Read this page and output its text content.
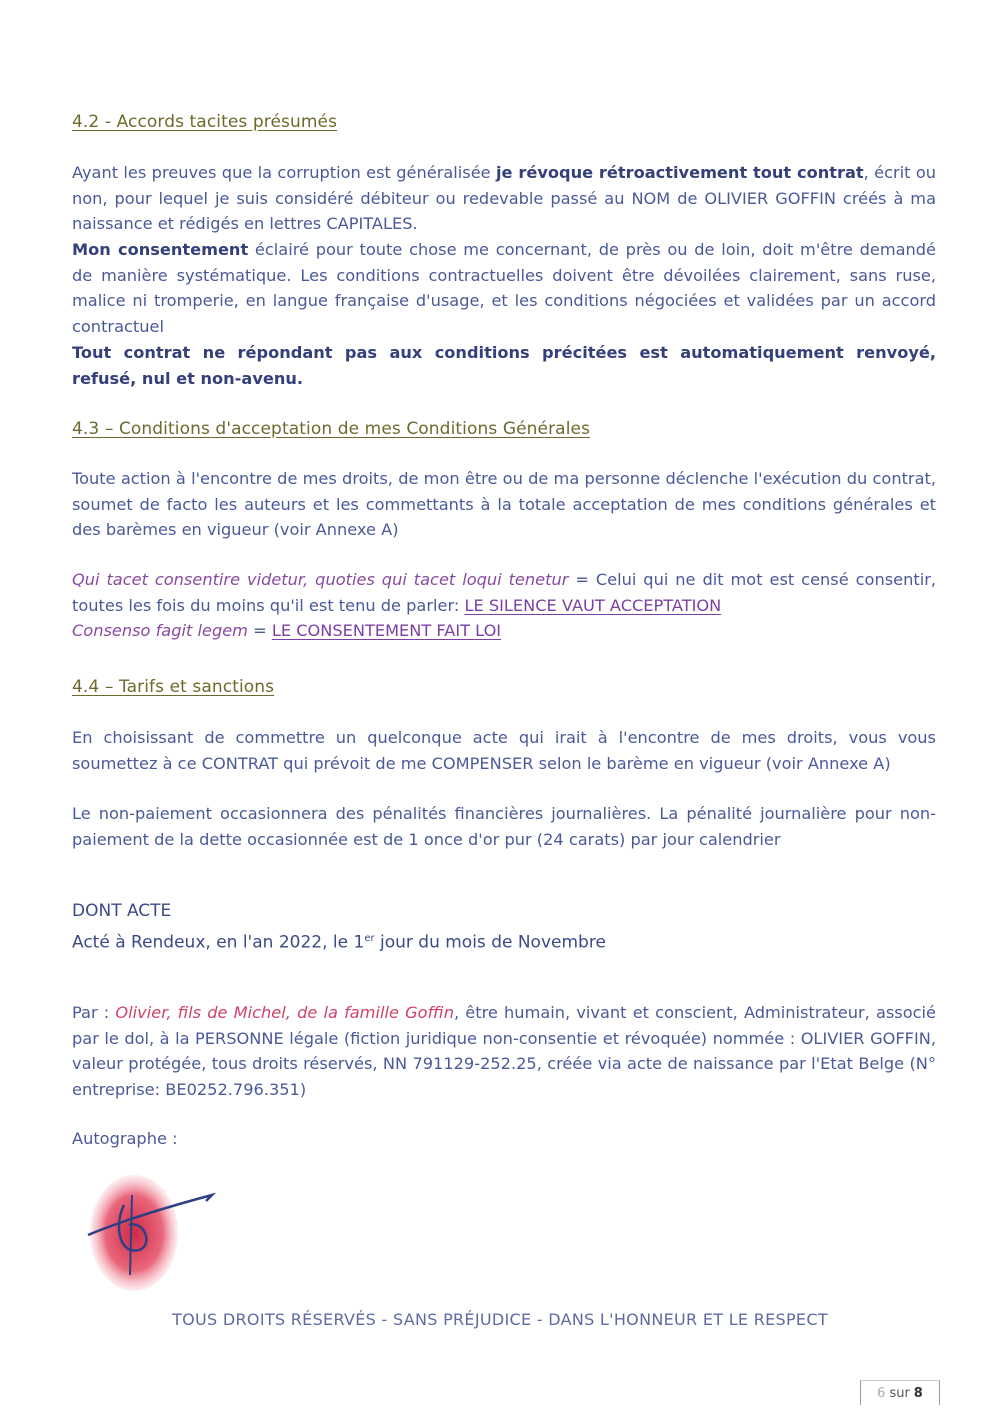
4.2 - Accords tacites présumés
Ayant les preuves que la corruption est généralisée je révoque rétroactivement tout contrat, écrit ou non, pour lequel je suis considéré débiteur ou redevable passé au NOM de OLIVIER GOFFIN créés à ma naissance et rédigés en lettres CAPITALES.
Mon consentement éclairé pour toute chose me concernant, de près ou de loin, doit m'être demandé de manière systématique. Les conditions contractuelles doivent être dévoilées clairement, sans ruse, malice ni tromperie, en langue française d'usage, et les conditions négociées et validées par un accord contractuel
Tout contrat ne répondant pas aux conditions précitées est automatiquement renvoyé, refusé, nul et non-avenu.
4.3 – Conditions d'acceptation de mes Conditions Générales
Toute action à l'encontre de mes droits, de mon être ou de ma personne déclenche l'exécution du contrat, soumet de facto les auteurs et les commettants à la totale acceptation de mes conditions générales et des barèmes en vigueur (voir Annexe A)
Qui tacet consentire videtur, quoties qui tacet loqui tenetur = Celui qui ne dit mot est censé consentir, toutes les fois du moins qu'il est tenu de parler: LE SILENCE VAUT ACCEPTATION
Consenso fagit legem = LE CONSENTEMENT FAIT LOI
4.4 – Tarifs et sanctions
En choisissant de commettre un quelconque acte qui irait à l'encontre de mes droits, vous vous soumettez à ce CONTRAT qui prévoit de me COMPENSER selon le barème en vigueur (voir Annexe A)
Le non-paiement occasionnera des pénalités financières journalières. La pénalité journalière pour non-paiement de la dette occasionnée est de 1 once d'or pur (24 carats) par jour calendrier
DONT ACTE
Acté à Rendeux, en l'an 2022, le 1er jour du mois de Novembre
Par : Olivier, fils de Michel, de la famille Goffin, être humain, vivant et conscient, Administrateur, associé par le dol, à la PERSONNE légale (fiction juridique non-consentie et révoquée) nommée : OLIVIER GOFFIN, valeur protégée, tous droits réservés, NN 791129-252.25, créée via acte de naissance par l'Etat Belge (N° entreprise: BE0252.796.351)
Autographe :
TOUS DROITS RÉSERVÉS - SANS PRÉJUDICE - DANS L'HONNEUR ET LE RESPECT
6 sur 8
